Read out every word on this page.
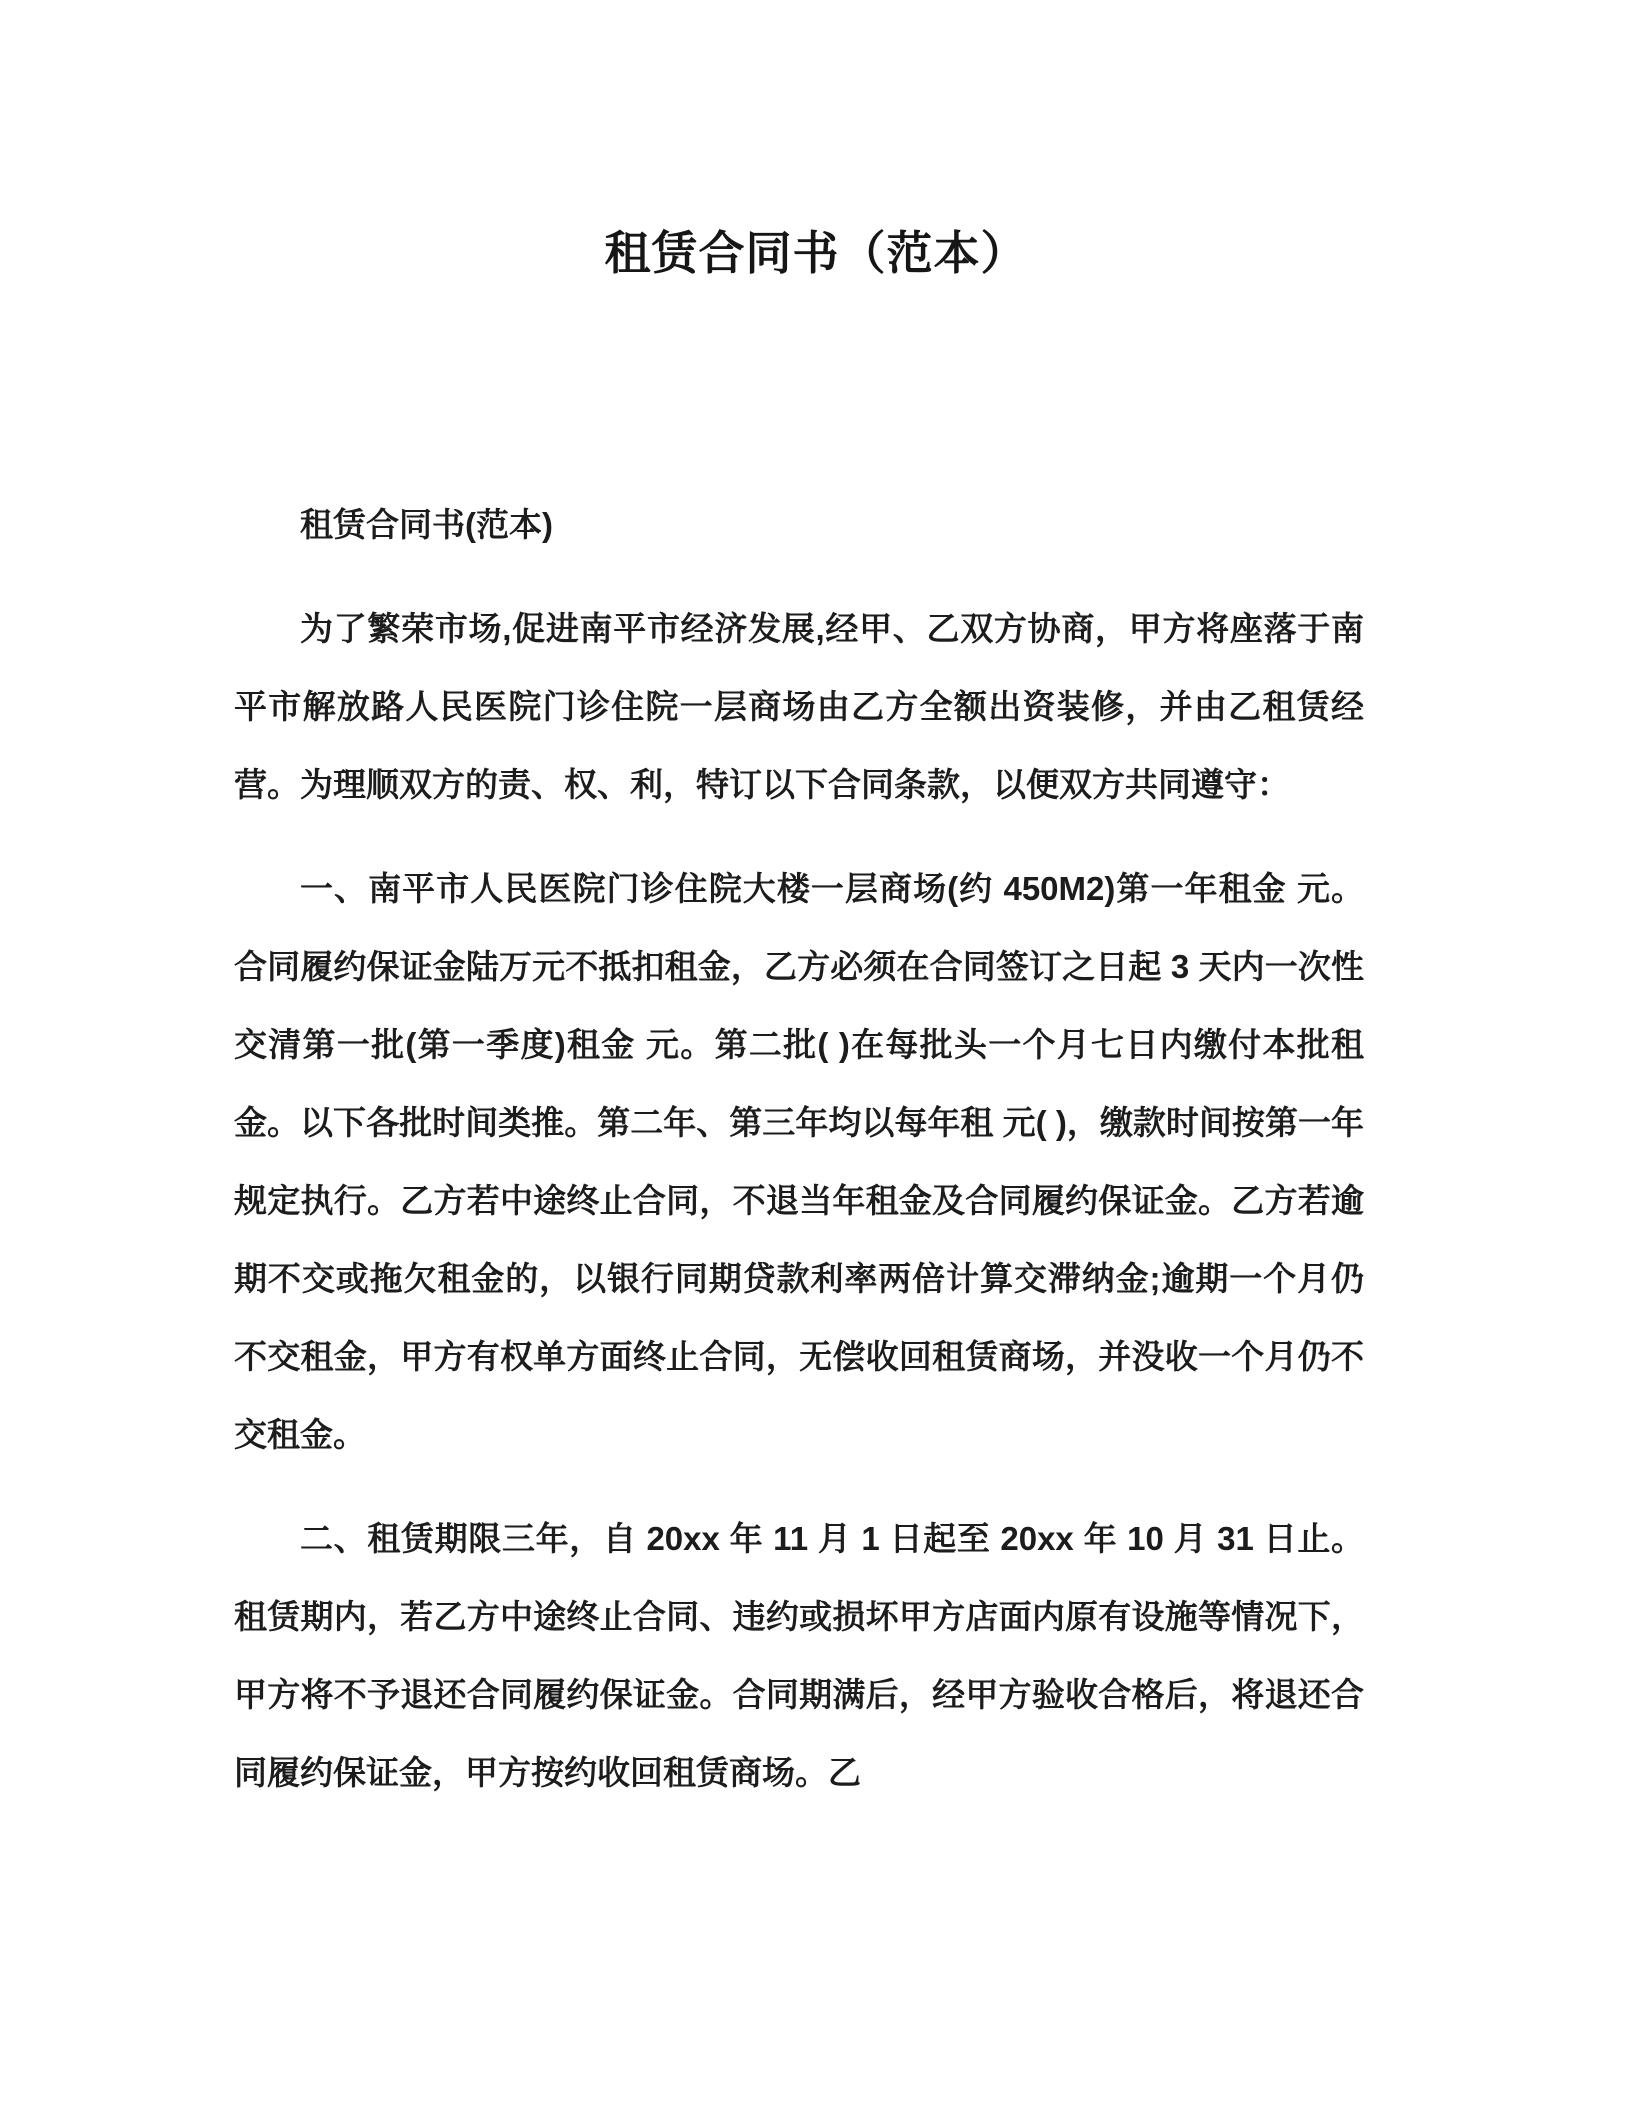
租赁合同书（范本）

租赁合同书(范本)

为了繁荣市场,促进南平市经济发展,经甲、乙双方协商，甲方将座落于南平市解放路人民医院门诊住院一层商场由乙方全额出资装修，并由乙租赁经营。为理顺双方的责、权、利，特订以下合同条款，以便双方共同遵守：

一、南平市人民医院门诊住院大楼一层商场(约 450M2)第一年租金 元。合同履约保证金陆万元不抵扣租金，乙方必须在合同签订之日起 3 天内一次性交清第一批(第一季度)租金 元。第二批( )在每批头一个月七日内缴付本批租金。以下各批时间类推。第二年、第三年均以每年租 元( )，缴款时间按第一年规定执行。乙方若中途终止合同，不退当年租金及合同履约保证金。乙方若逾期不交或拖欠租金的，以银行同期贷款利率两倍计算交滞纳金;逾期一个月仍不交租金，甲方有权单方面终止合同，无偿收回租赁商场，并没收一个月仍不交租金。

二、租赁期限三年，自 20xx 年 11 月 1 日起至 20xx 年 10 月 31 日止。租赁期内，若乙方中途终止合同、违约或损坏甲方店面内原有设施等情况下，甲方将不予退还合同履约保证金。合同期满后，经甲方验收合格后，将退还合同履约保证金，甲方按约收回租赁商场。乙
